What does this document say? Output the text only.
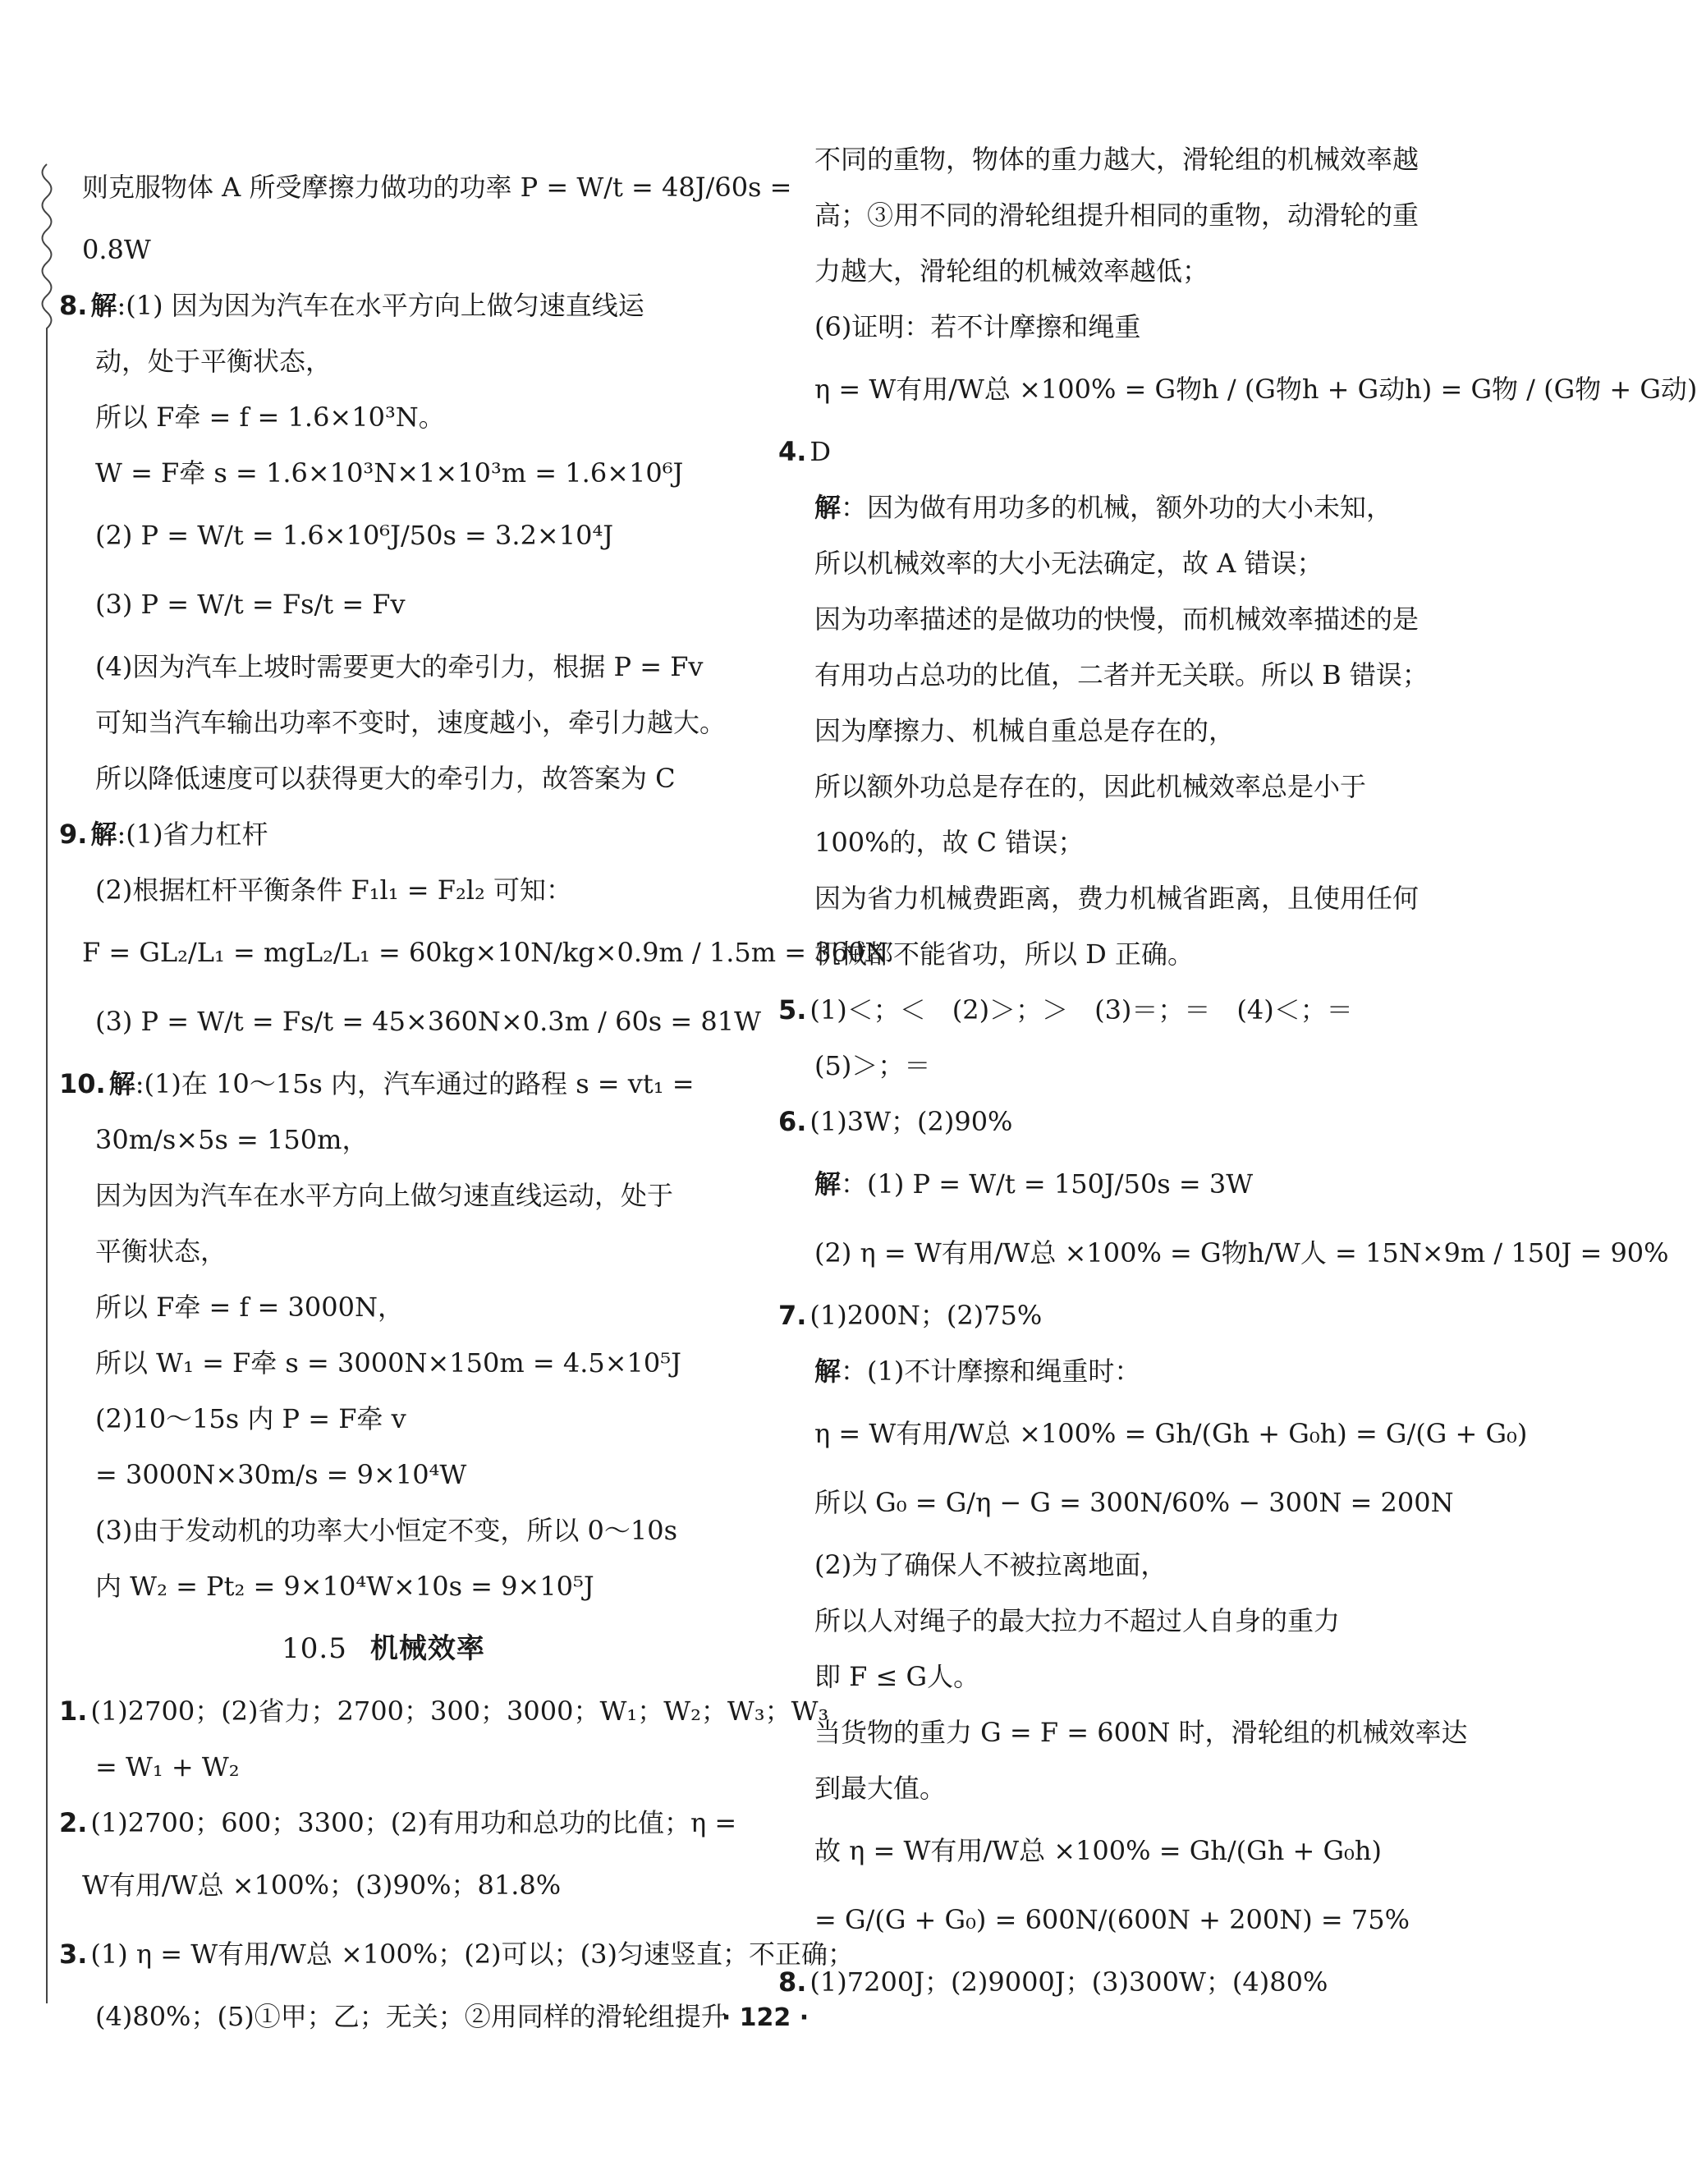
则克服物体 A 所受摩擦力做功的功率 P = W/t = 48J/60s =
0.8W
8. 解 :(1) 因为因为汽车在水平方向上做匀速直线运
动，处于平衡状态，
所以 F牵 = f = 1.6×10³N。
W = F牵 s = 1.6×10³N×1×10³m = 1.6×10⁶J
(2) P = W/t = 1.6×10⁶J/50s = 3.2×10⁴J
(3) P = W/t = Fs/t = Fv
(4)因为汽车上坡时需要更大的牵引力，根据 P = Fv
可知当汽车输出功率不变时，速度越小，牵引力越大。
所以降低速度可以获得更大的牵引力，故答案为 C
9. 解 :(1)省力杠杆
(2)根据杠杆平衡条件 F₁l₁ = F₂l₂ 可知：
F = GL₂/L₁ = mgL₂/L₁ = 60kg×10N/kg×0.9m / 1.5m = 360N
(3) P = W/t = Fs/t = 45×360N×0.3m / 60s = 81W
10. 解 :(1)在 10～15s 内，汽车通过的路程 s = vt₁ =
30m/s×5s = 150m，
因为因为汽车在水平方向上做匀速直线运动，处于
平衡状态，
所以 F牵 = f = 3000N，
所以 W₁ = F牵 s = 3000N×150m = 4.5×10⁵J
(2)10～15s 内 P = F牵 v
= 3000N×30m/s = 9×10⁴W
(3)由于发动机的功率大小恒定不变，所以 0～10s
内 W₂ = Pt₂ = 9×10⁴W×10s = 9×10⁵J
10.5 机械效率
1. (1)2700；(2)省力；2700；300；3000；W₁；W₂；W₃；W₃
= W₁ + W₂
2. (1)2700；600；3300；(2)有用功和总功的比值；η =
W有用/W总 ×100%；(3)90%；81.8%
3. (1) η = W有用/W总 ×100%；(2)可以；(3)匀速竖直；不正确；
(4)80%；(5)①甲；乙；无关；②用同样的滑轮组提升
不同的重物，物体的重力越大，滑轮组的机械效率越
高；③用不同的滑轮组提升相同的重物，动滑轮的重
力越大，滑轮组的机械效率越低；
(6)证明：若不计摩擦和绳重
η = W有用/W总 ×100% = G物h / (G物h + G动h) = G物 / (G物 + G动)
4. D
解 ：因为做有用功多的机械，额外功的大小未知，
所以机械效率的大小无法确定，故 A 错误；
因为功率描述的是做功的快慢，而机械效率描述的是
有用功占总功的比值，二者并无关联。所以 B 错误；
因为摩擦力、机械自重总是存在的，
所以额外功总是存在的，因此机械效率总是小于
100%的，故 C 错误；
因为省力机械费距离，费力机械省距离，且使用任何
机械都不能省功，所以 D 正确。
5. (1)＜；＜　(2)＞；＞　(3)＝；＝　(4)＜；＝
(5)＞；＝
6. (1)3W；(2)90%
解 ：(1) P = W/t = 150J/50s = 3W
(2) η = W有用/W总 ×100% = G物h/W人 = 15N×9m / 150J = 90%
7. (1)200N；(2)75%
解 ：(1)不计摩擦和绳重时：
η = W有用/W总 ×100% = Gh/(Gh + G₀h) = G/(G + G₀)
所以 G₀ = G/η − G = 300N/60% − 300N = 200N
(2)为了确保人不被拉离地面，
所以人对绳子的最大拉力不超过人自身的重力
即 F ≤ G人。
当货物的重力 G = F = 600N 时，滑轮组的机械效率达
到最大值。
故 η = W有用/W总 ×100% = Gh/(Gh + G₀h)
= G/(G + G₀) = 600N/(600N + 200N) = 75%
8. (1)7200J；(2)9000J；(3)300W；(4)80%
· 122 ·
